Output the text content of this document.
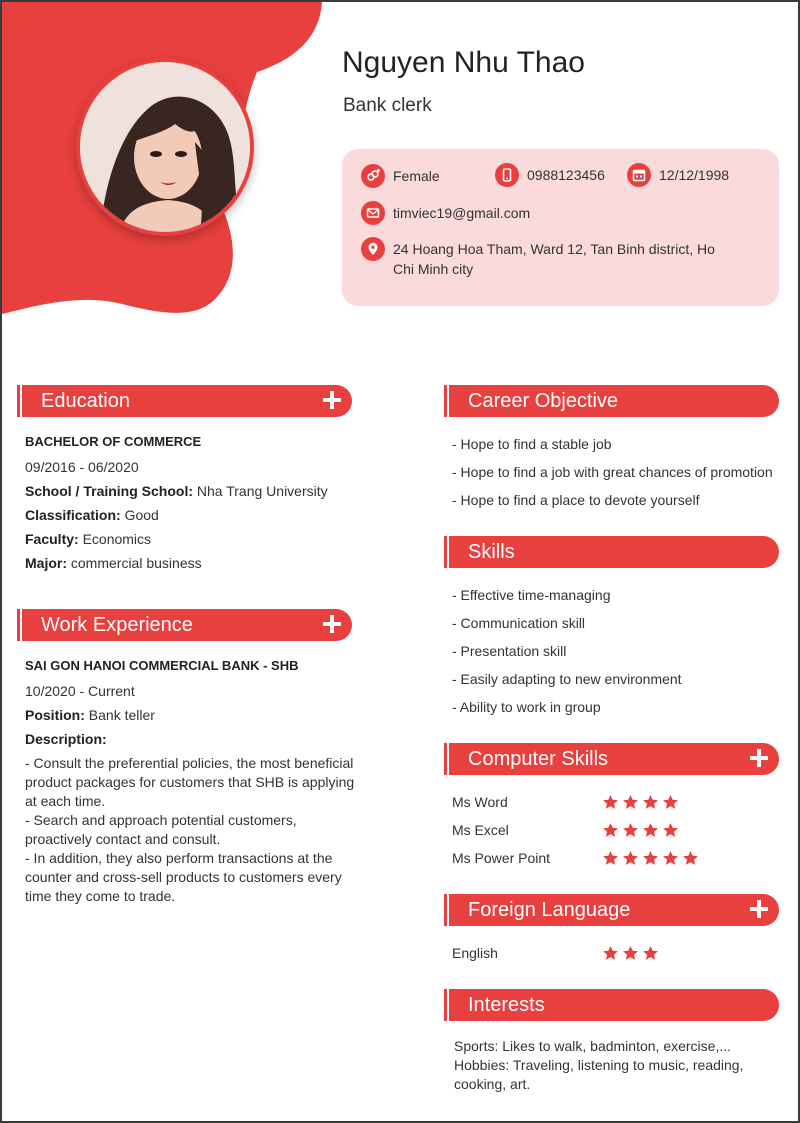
Nguyen Nhu Thao
Bank clerk
Female	0988123456	12/12/1998
timviec19@gmail.com
24 Hoang Hoa Tham, Ward 12, Tan Binh district, Ho Chi Minh city
Education
BACHELOR OF COMMERCE
09/2016 - 06/2020
School / Training School: Nha Trang University
Classification: Good
Faculty: Economics
Major: commercial business
Work Experience
SAI GON HANOI COMMERCIAL BANK - SHB
10/2020 - Current
Position: Bank teller
Description:
- Consult the preferential policies, the most beneficial product packages for customers that SHB is applying at each time.
- Search and approach potential customers, proactively contact and consult.
- In addition, they also perform transactions at the counter and cross-sell products to customers every time they come to trade.
Career Objective
- Hope to find a stable job
- Hope to find a job with great chances of promotion
- Hope to find a place to devote yourself
Skills
- Effective time-managing
- Communication skill
- Presentation skill
- Easily adapting to new environment
- Ability to work in group
Computer Skills
Ms Word
Ms Excel
Ms Power Point
Foreign Language
English
Interests
Sports: Likes to walk, badminton, exercise,...
Hobbies: Traveling, listening to music, reading, cooking, art.
